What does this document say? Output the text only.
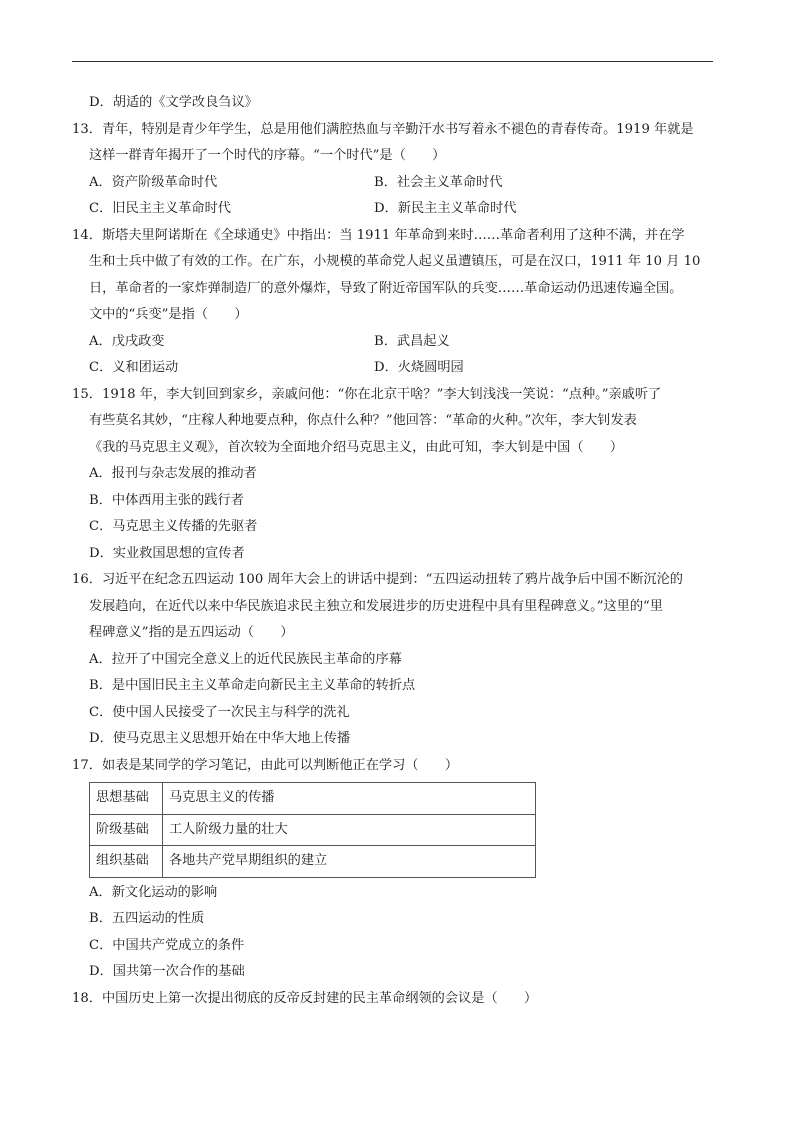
D．胡适的《文学改良刍议》
13．青年，特别是青少年学生，总是用他们满腔热血与辛勤汗水书写着永不褪色的青春传奇。1919 年就是
这样一群青年揭开了一个时代的序幕。“一个时代”是（　　）
A．资产阶级革命时代	B．社会主义革命时代
C．旧民主主义革命时代	D．新民主主义革命时代
14．斯塔夫里阿诺斯在《全球通史》中指出：当 1911 年革命到来时……革命者利用了这种不满，并在学
生和士兵中做了有效的工作。在广东，小规模的革命党人起义虽遭镇压，可是在汉口，1911 年 10 月 10
日，革命者的一家炸弹制造厂的意外爆炸，导致了附近帝国军队的兵变……革命运动仍迅速传遍全国。
文中的“兵变”是指（　　）
A．戊戌政变	B．武昌起义
C．义和团运动	D．火烧圆明园
15．1918 年，李大钊回到家乡，亲戚问他：“你在北京干啥？”李大钊浅浅一笑说：“点种。”亲戚听了
有些莫名其妙，“庄稼人种地要点种，你点什么种？”他回答：“革命的火种。”次年，李大钊发表
《我的马克思主义观》，首次较为全面地介绍马克思主义，由此可知，李大钊是中国（　　）
A．报刊与杂志发展的推动者
B．中体西用主张的践行者
C．马克思主义传播的先驱者
D．实业救国思想的宣传者
16．习近平在纪念五四运动 100 周年大会上的讲话中提到：“五四运动扭转了鸦片战争后中国不断沉沦的
发展趋向，在近代以来中华民族追求民主独立和发展进步的历史进程中具有里程碑意义。”这里的“里
程碑意义”指的是五四运动（　　）
A．拉开了中国完全意义上的近代民族民主革命的序幕
B．是中国旧民主主义革命走向新民主主义革命的转折点
C．使中国人民接受了一次民主与科学的洗礼
D．使马克思主义思想开始在中华大地上传播
17．如表是某同学的学习笔记，由此可以判断他正在学习（　　）
思想基础	马克思主义的传播
阶级基础	工人阶级力量的壮大
组织基础	各地共产党早期组织的建立
A．新文化运动的影响
B．五四运动的性质
C．中国共产党成立的条件
D．国共第一次合作的基础
18．中国历史上第一次提出彻底的反帝反封建的民主革命纲领的会议是（　　）
